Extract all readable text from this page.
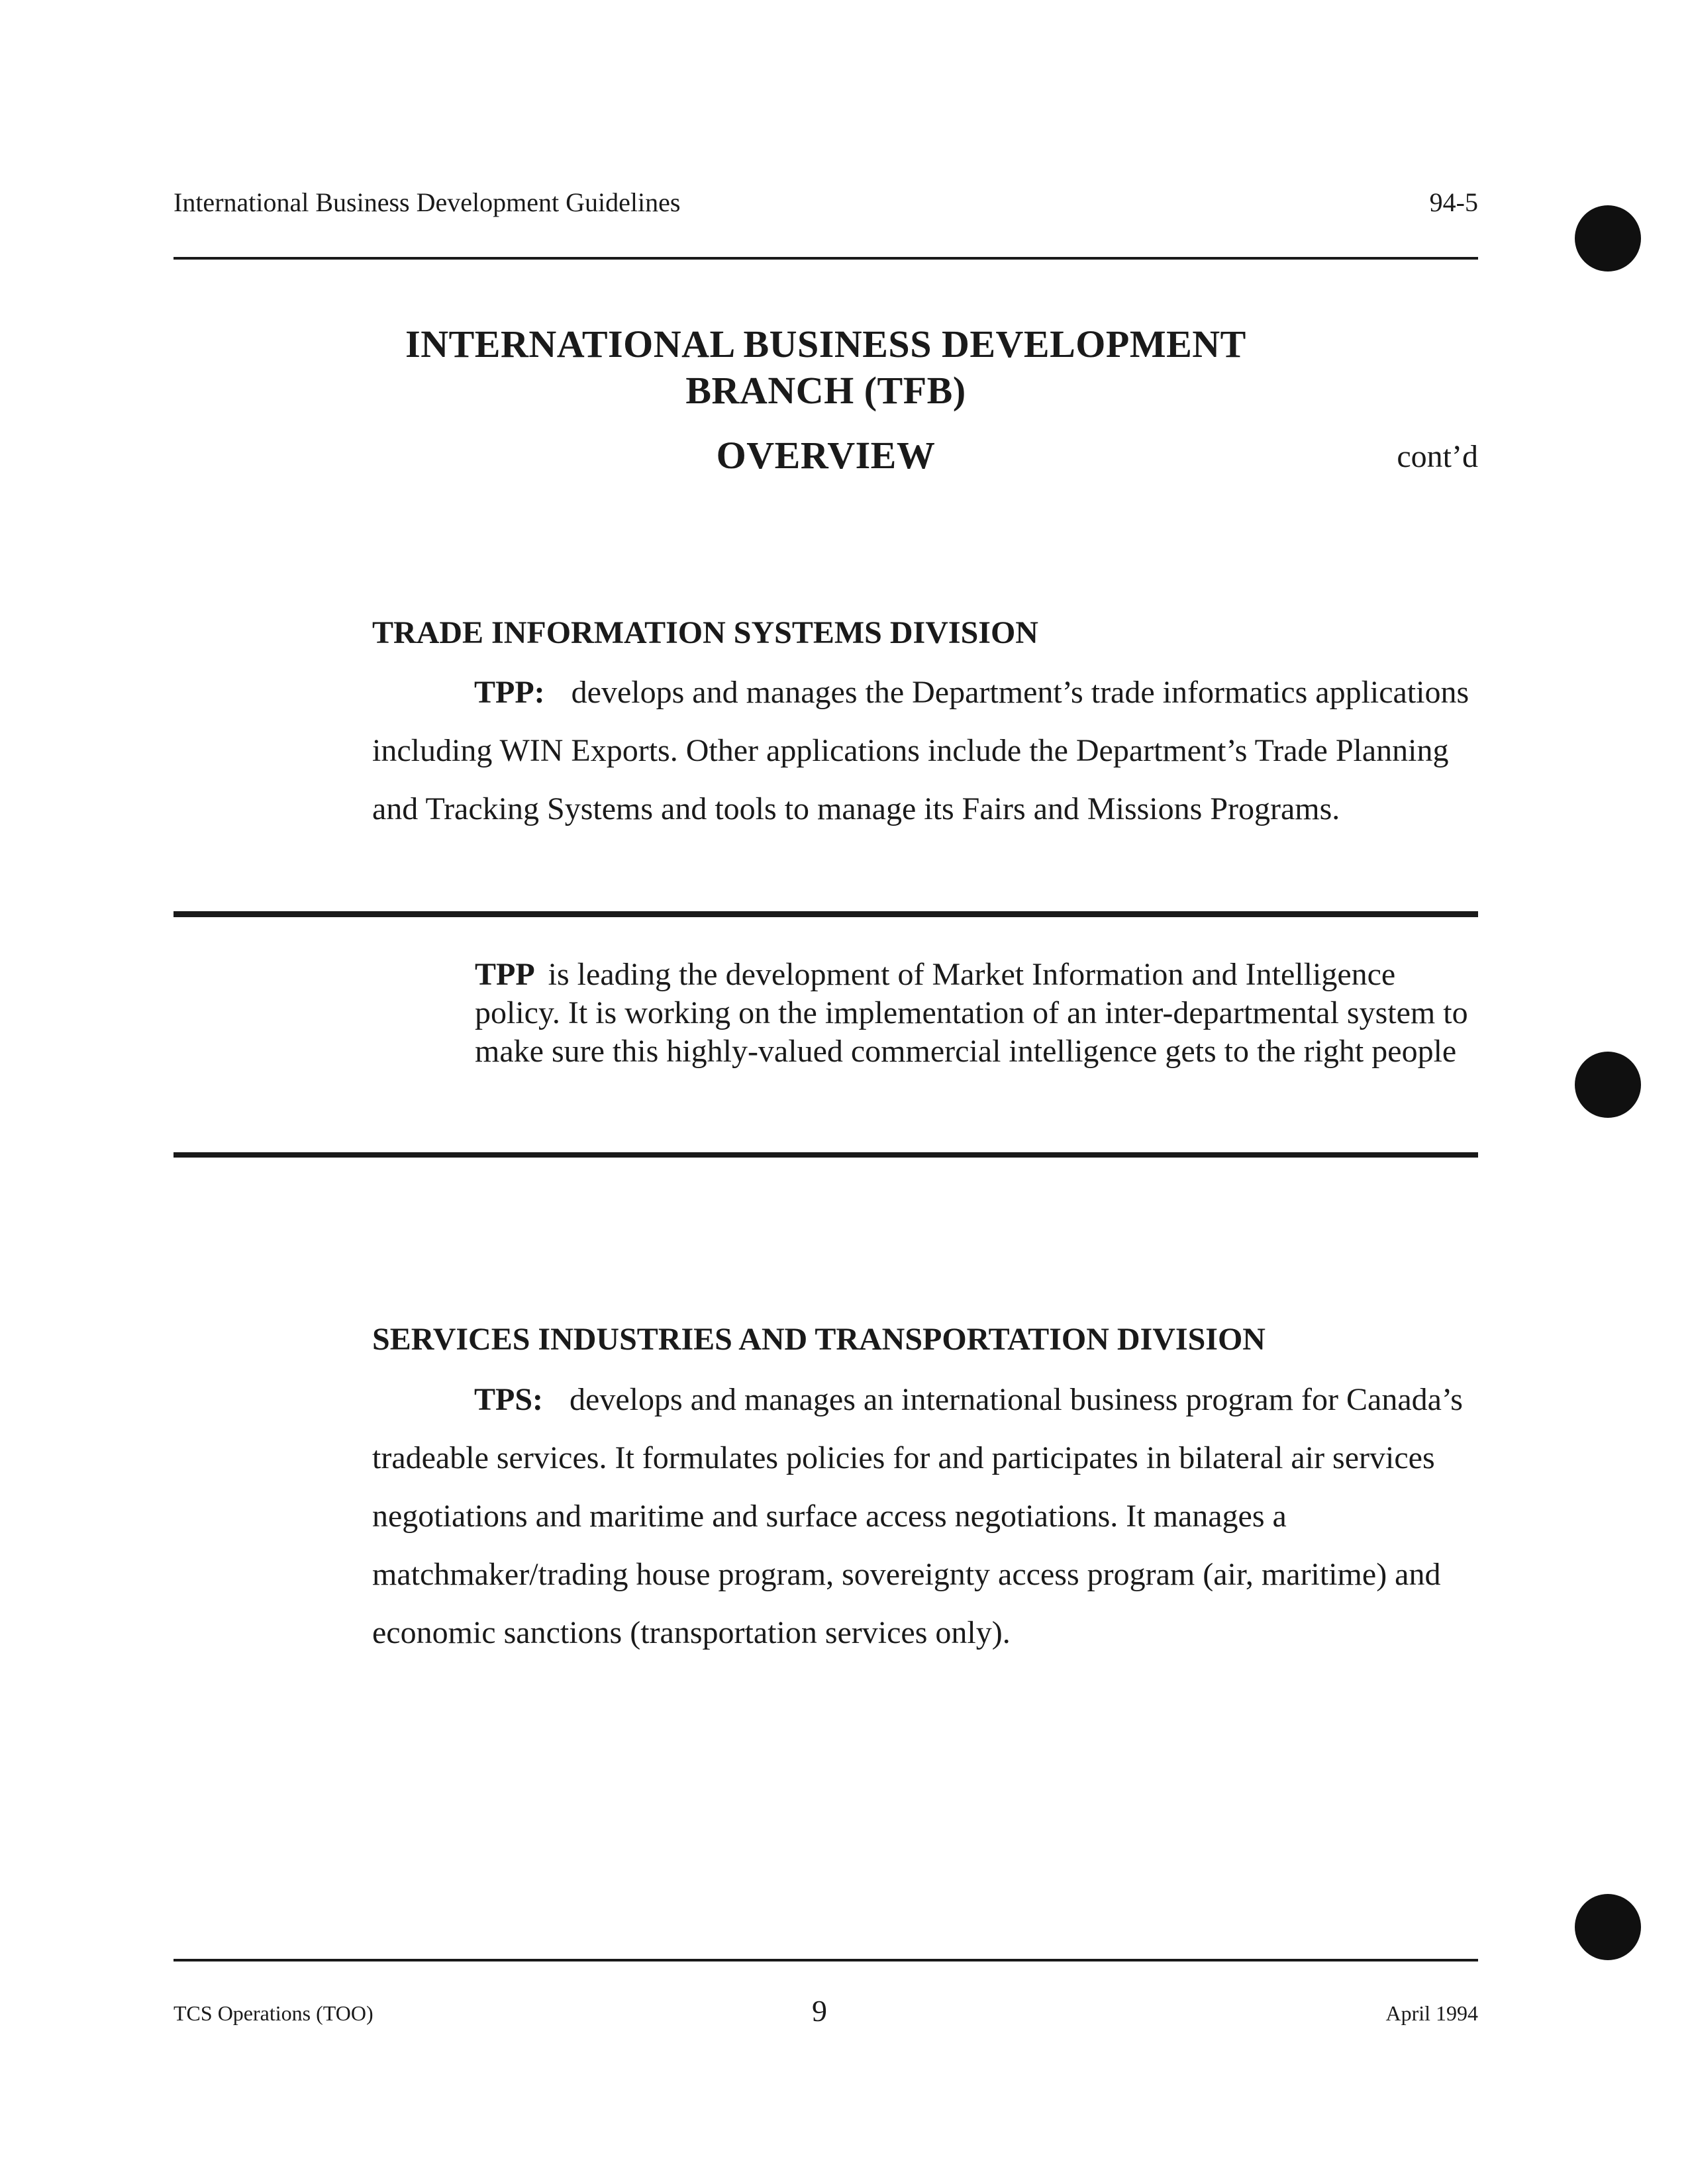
International Business Development Guidelines	94-5
INTERNATIONAL BUSINESS DEVELOPMENT
BRANCH (TFB)
OVERVIEW	cont’d
TRADE INFORMATION SYSTEMS DIVISION
TPP: develops and manages the Department’s trade informatics applications including WIN Exports. Other applications include the Department’s Trade Planning and Tracking Systems and tools to manage its Fairs and Missions Programs.
TPP is leading the development of Market Information and Intelligence policy. It is working on the implementation of an inter-departmental system to make sure this highly-valued commercial intelligence gets to the right people
SERVICES INDUSTRIES AND TRANSPORTATION DIVISION
TPS: develops and manages an international business program for Canada’s tradeable services. It formulates policies for and participates in bilateral air services negotiations and maritime and surface access negotiations. It manages a matchmaker/trading house program, sovereignty access program (air, maritime) and economic sanctions (transportation services only).
TCS Operations (TOO)	9	April 1994
